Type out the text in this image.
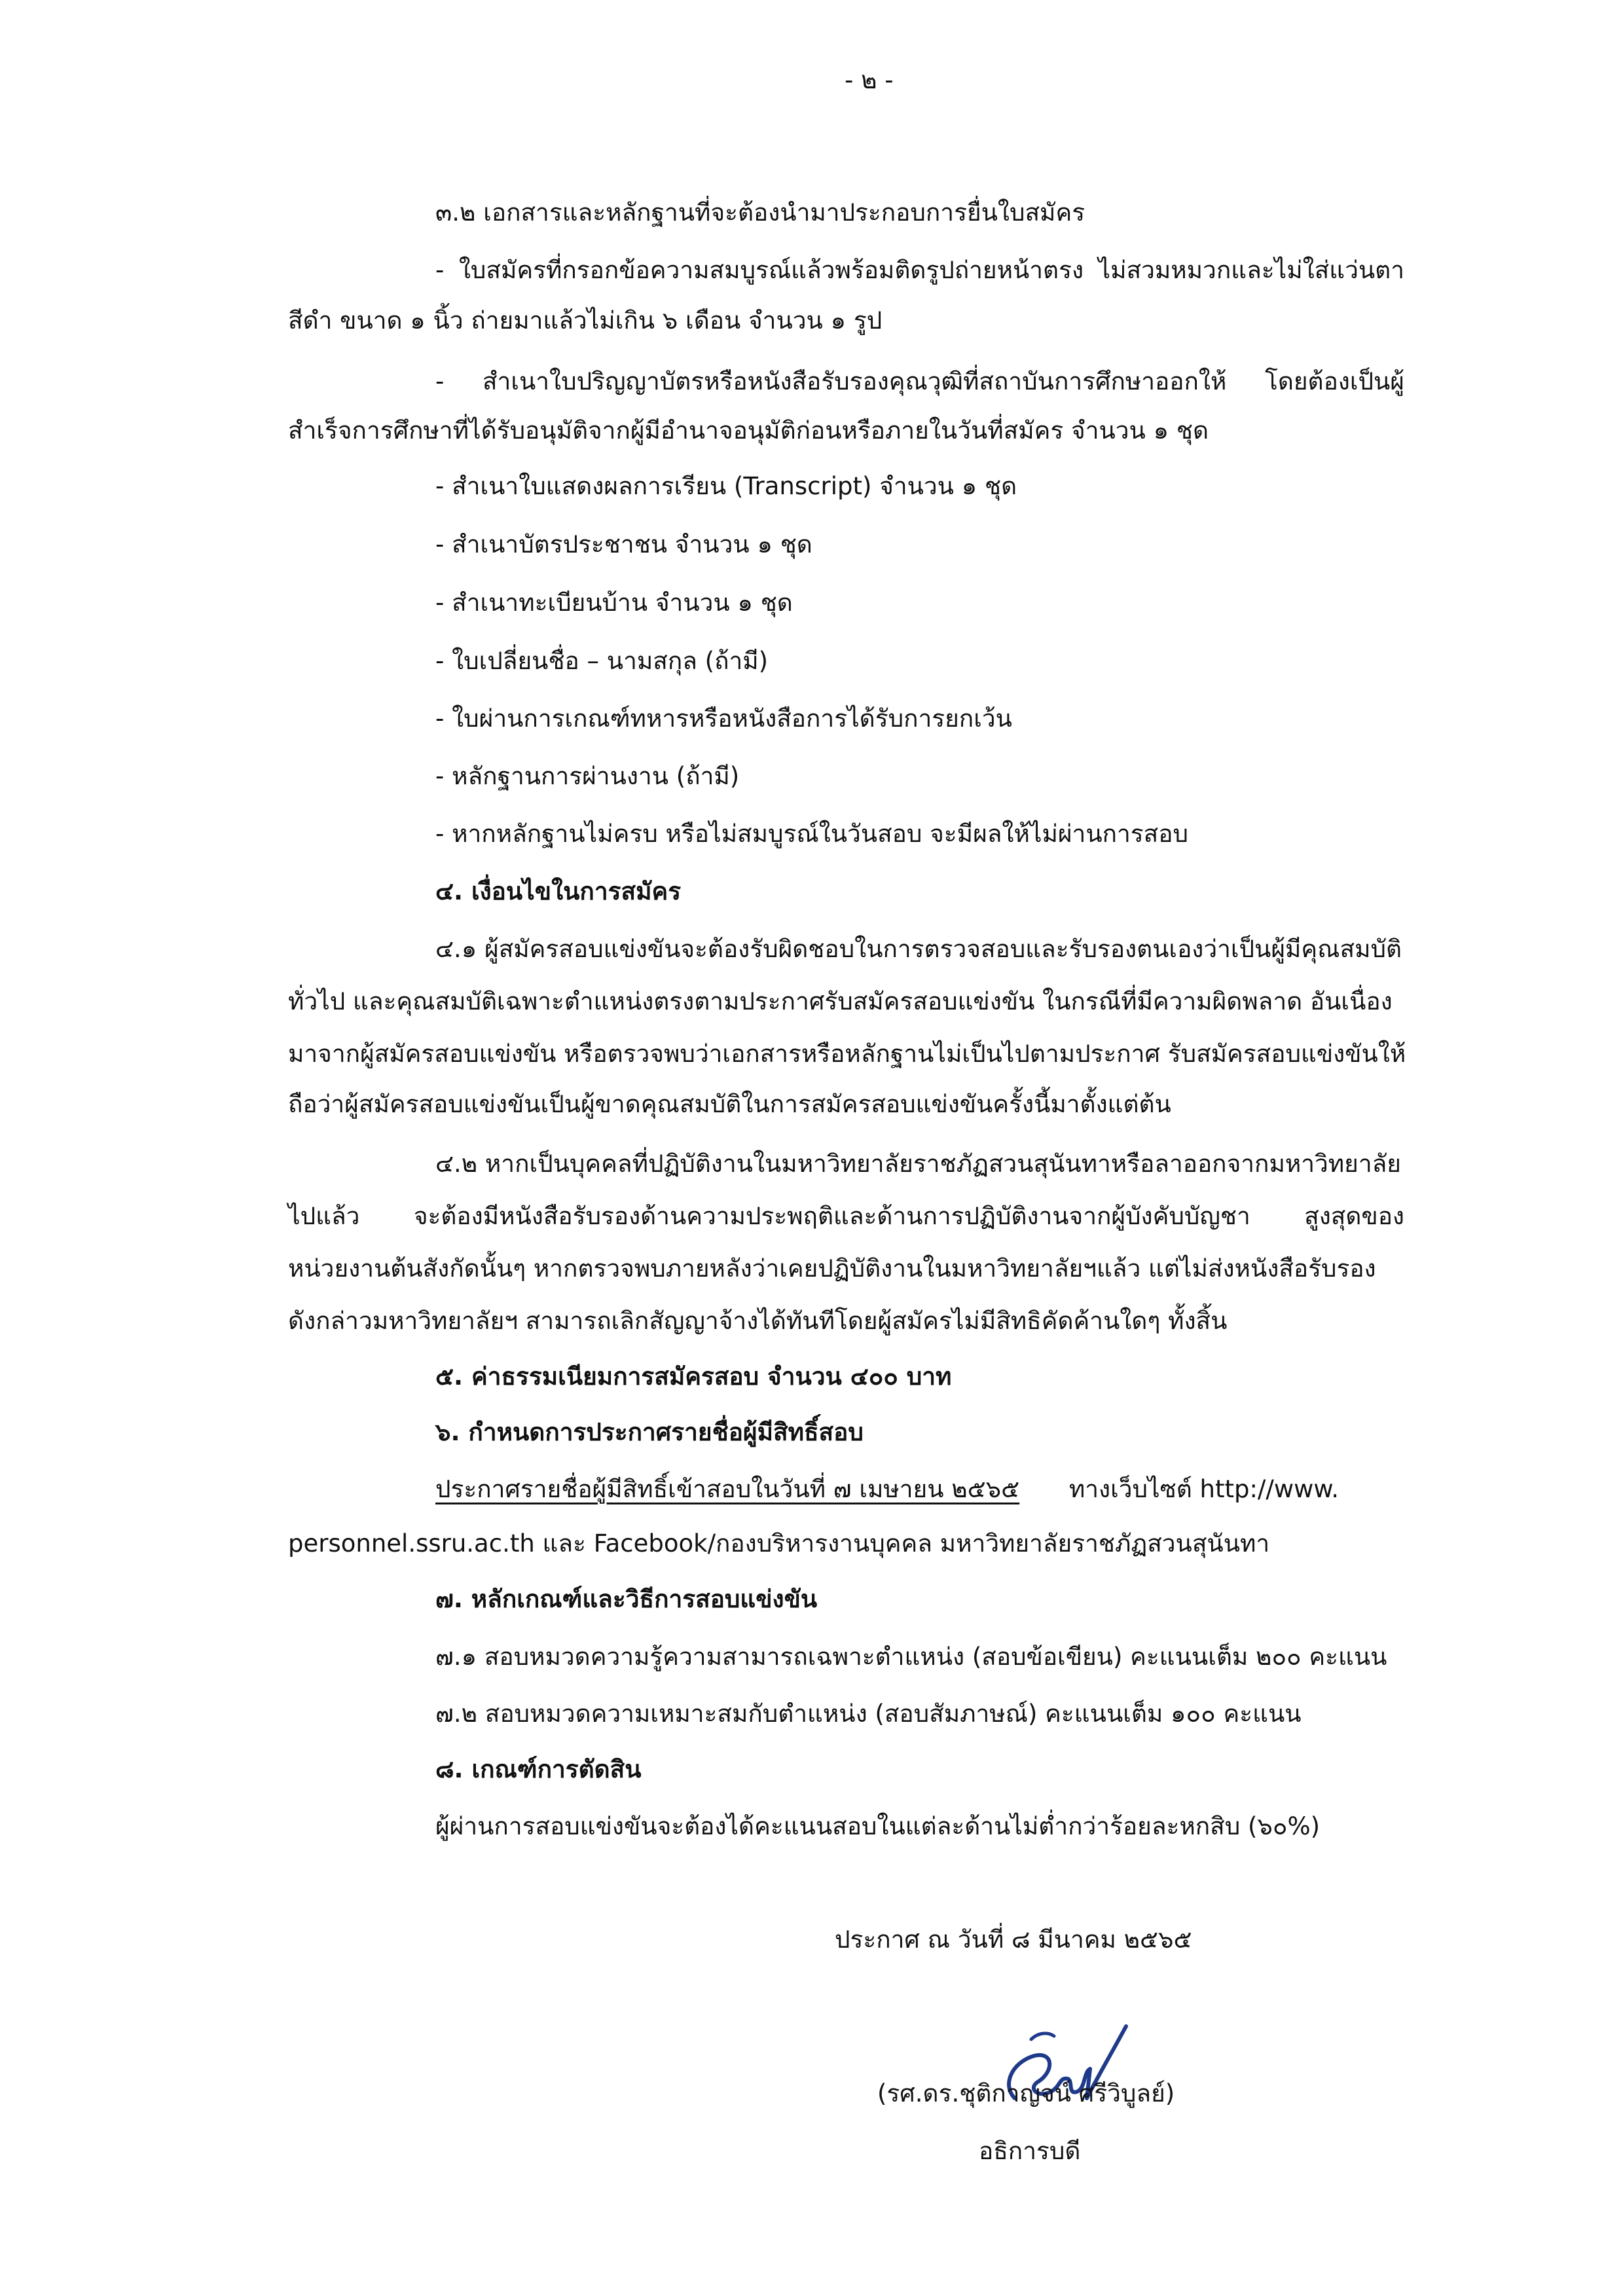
- ๒ -
๓.๒ เอกสารและหลักฐานที่จะต้องนำมาประกอบการยื่นใบสมัคร
- ใบสมัครที่กรอกข้อความสมบูรณ์แล้วพร้อมติดรูปถ่ายหน้าตรง ไม่สวมหมวกและไม่ใส่แว่นตา
สีดำ ขนาด ๑ นิ้ว ถ่ายมาแล้วไม่เกิน ๖ เดือน จำนวน ๑ รูป
- สำเนาใบปริญญาบัตรหรือหนังสือรับรองคุณวุฒิที่สถาบันการศึกษาออกให้ โดยต้องเป็นผู้
สำเร็จการศึกษาที่ได้รับอนุมัติจากผู้มีอำนาจอนุมัติก่อนหรือภายในวันที่สมัคร จำนวน ๑ ชุด
- สำเนาใบแสดงผลการเรียน (Transcript) จำนวน ๑ ชุด
- สำเนาบัตรประชาชน จำนวน ๑ ชุด
- สำเนาทะเบียนบ้าน จำนวน ๑ ชุด
- ใบเปลี่ยนชื่อ – นามสกุล (ถ้ามี)
- ใบผ่านการเกณฑ์ทหารหรือหนังสือการได้รับการยกเว้น
- หลักฐานการผ่านงาน (ถ้ามี)
- หากหลักฐานไม่ครบ หรือไม่สมบูรณ์ในวันสอบ จะมีผลให้ไม่ผ่านการสอบ
๔. เงื่อนไขในการสมัคร
๔.๑ ผู้สมัครสอบแข่งขันจะต้องรับผิดชอบในการตรวจสอบและรับรองตนเองว่าเป็นผู้มีคุณสมบัติ
ทั่วไป และคุณสมบัติเฉพาะตำแหน่งตรงตามประกาศรับสมัครสอบแข่งขัน ในกรณีที่มีความผิดพลาด อันเนื่อง
มาจากผู้สมัครสอบแข่งขัน หรือตรวจพบว่าเอกสารหรือหลักฐานไม่เป็นไปตามประกาศ รับสมัครสอบแข่งขันให้
ถือว่าผู้สมัครสอบแข่งขันเป็นผู้ขาดคุณสมบัติในการสมัครสอบแข่งขันครั้งนี้มาตั้งแต่ต้น
๔.๒ หากเป็นบุคคลที่ปฏิบัติงานในมหาวิทยาลัยราชภัฏสวนสุนันทาหรือลาออกจากมหาวิทยาลัย
ไปแล้ว จะต้องมีหนังสือรับรองด้านความประพฤติและด้านการปฏิบัติงานจากผู้บังคับบัญชา สูงสุดของ
หน่วยงานต้นสังกัดนั้นๆ หากตรวจพบภายหลังว่าเคยปฏิบัติงานในมหาวิทยาลัยฯแล้ว แต่ไม่ส่งหนังสือรับรอง
ดังกล่าวมหาวิทยาลัยฯ สามารถเลิกสัญญาจ้างได้ทันทีโดยผู้สมัครไม่มีสิทธิคัดค้านใดๆ ทั้งสิ้น
๕. ค่าธรรมเนียมการสมัครสอบ จำนวน ๔๐๐ บาท
๖. กำหนดการประกาศรายชื่อผู้มีสิทธิ์สอบ
ประกาศรายชื่อผู้มีสิทธิ์เข้าสอบในวันที่ ๗ เมษายน ๒๕๖๕ ทางเว็บไซต์ http://www.
personnel.ssru.ac.th และ Facebook/กองบริหารงานบุคคล มหาวิทยาลัยราชภัฏสวนสุนันทา
๗. หลักเกณฑ์และวิธีการสอบแข่งขัน
๗.๑ สอบหมวดความรู้ความสามารถเฉพาะตำแหน่ง (สอบข้อเขียน) คะแนนเต็ม ๒๐๐ คะแนน
๗.๒ สอบหมวดความเหมาะสมกับตำแหน่ง (สอบสัมภาษณ์) คะแนนเต็ม ๑๐๐ คะแนน
๘. เกณฑ์การตัดสิน
ผู้ผ่านการสอบแข่งขันจะต้องได้คะแนนสอบในแต่ละด้านไม่ต่ำกว่าร้อยละหกสิบ (๖๐%)
ประกาศ ณ วันที่ ๘ มีนาคม ๒๕๖๕
(รศ.ดร.ชุติกาญจน์ ศรีวิบูลย์)
อธิการบดี
